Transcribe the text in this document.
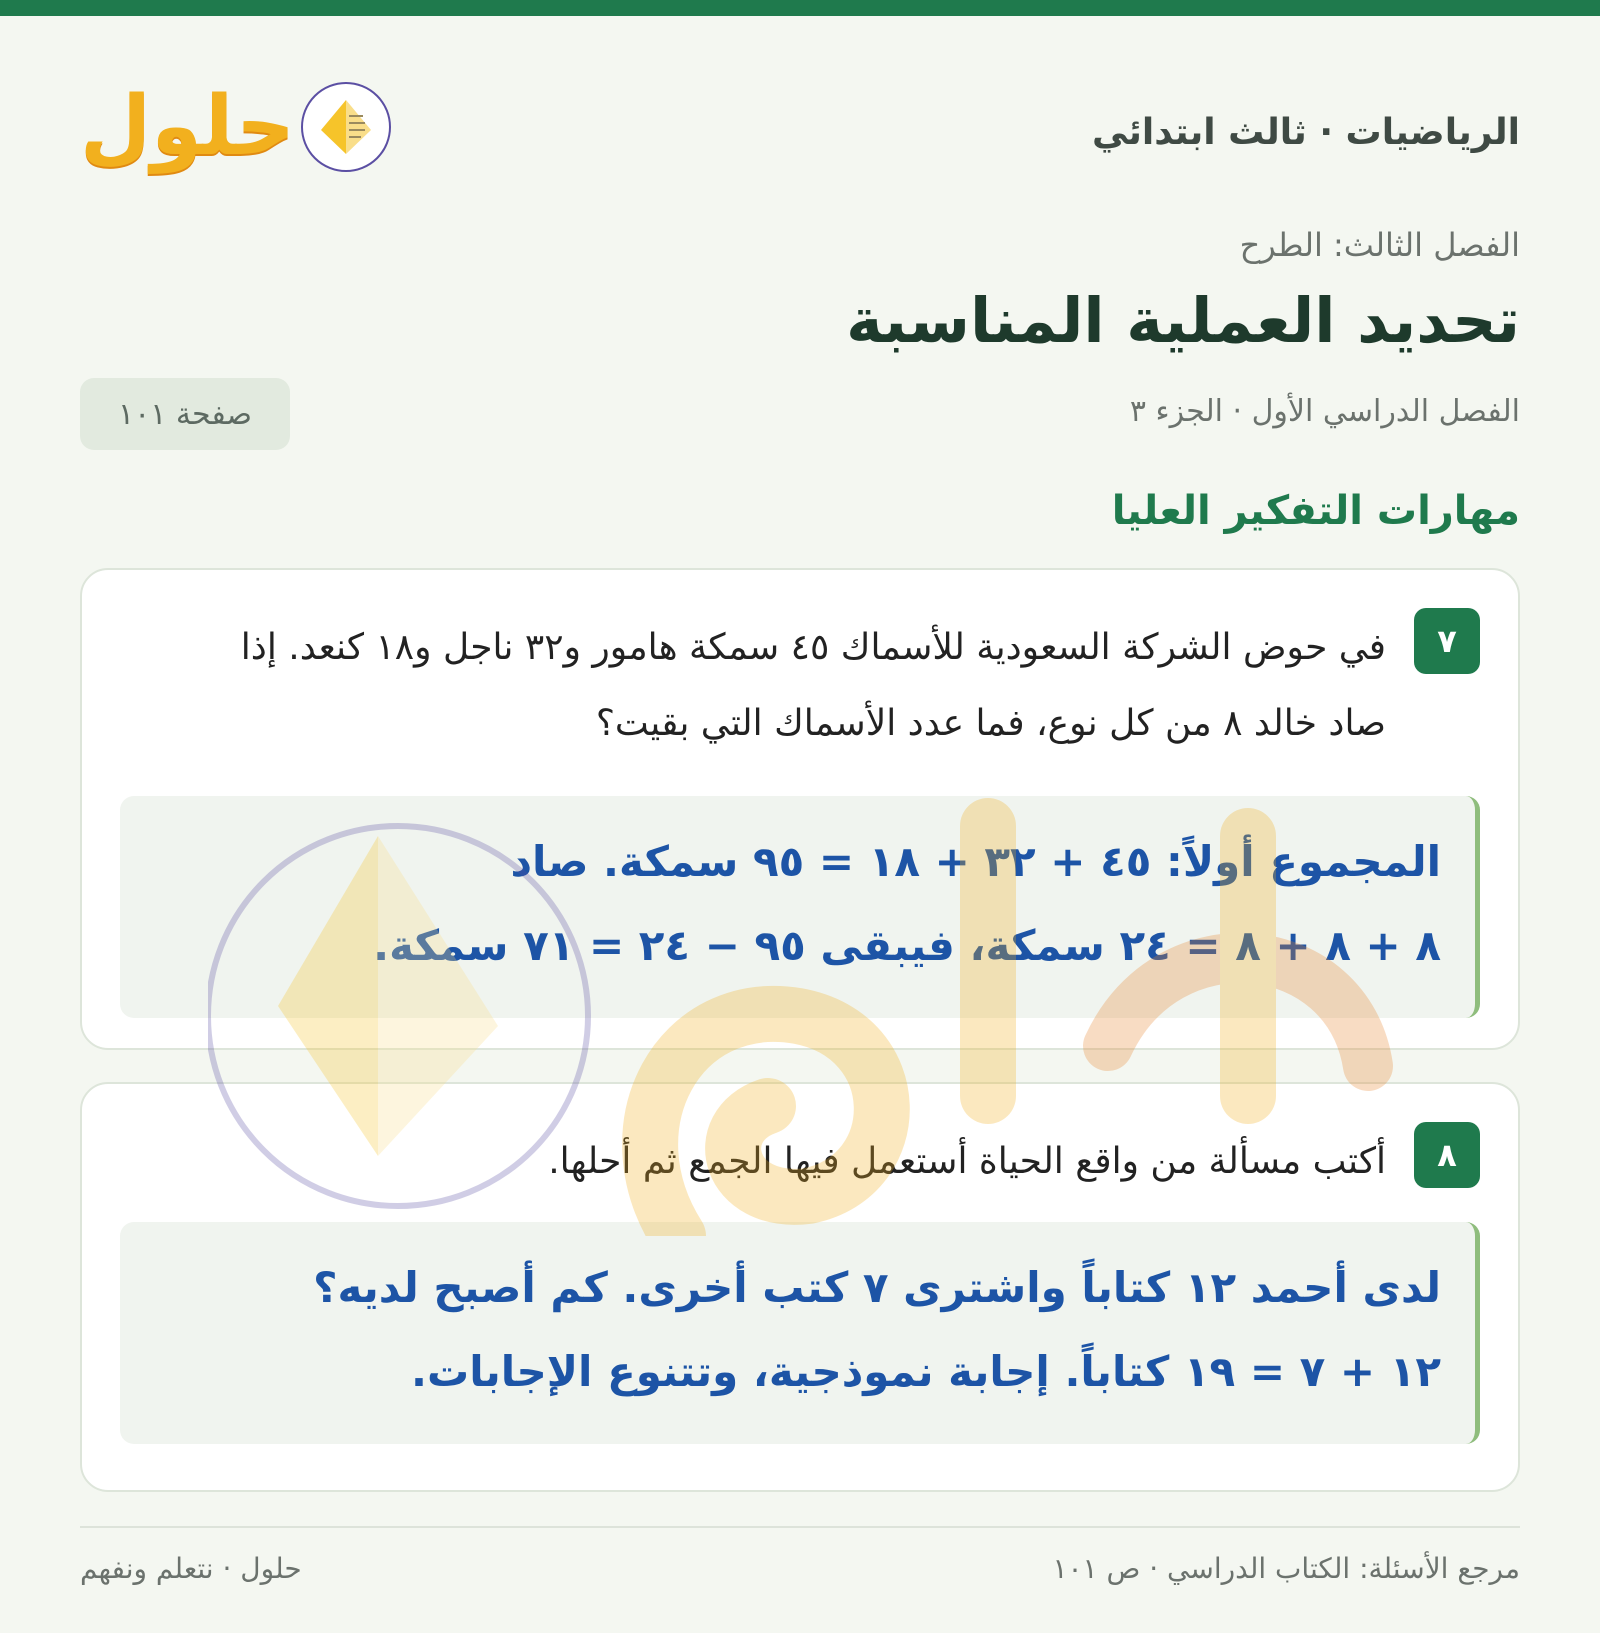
الرياضيات · ثالث ابتدائي
حلول
الفصل الثالث: الطرح
تحديد العملية المناسبة
الفصل الدراسي الأول · الجزء ٣
صفحة ١٠١
مهارات التفكير العليا
٧
في حوض الشركة السعودية للأسماك ٤٥ سمكة هامور و٣٢ ناجل و١٨ كنعد. إذا صاد خالد ٨ من كل نوع، فما عدد الأسماك التي بقيت؟
المجموع أولاً: ٤٥ + ٣٢ + ١٨ = ٩٥ سمكة. صاد
٨ + ٨ + ٨ = ٢٤ سمكة، فيبقى ٩٥ − ٢٤ = ٧١ سمكة.
٨
أكتب مسألة من واقع الحياة أستعمل فيها الجمع ثم أحلها.
لدى أحمد ١٢ كتاباً واشترى ٧ كتب أخرى. كم أصبح لديه؟
١٢ + ٧ = ١٩ كتاباً. إجابة نموذجية، وتتنوع الإجابات.
مرجع الأسئلة: الكتاب الدراسي · ص ١٠١
حلول · نتعلم ونفهم
